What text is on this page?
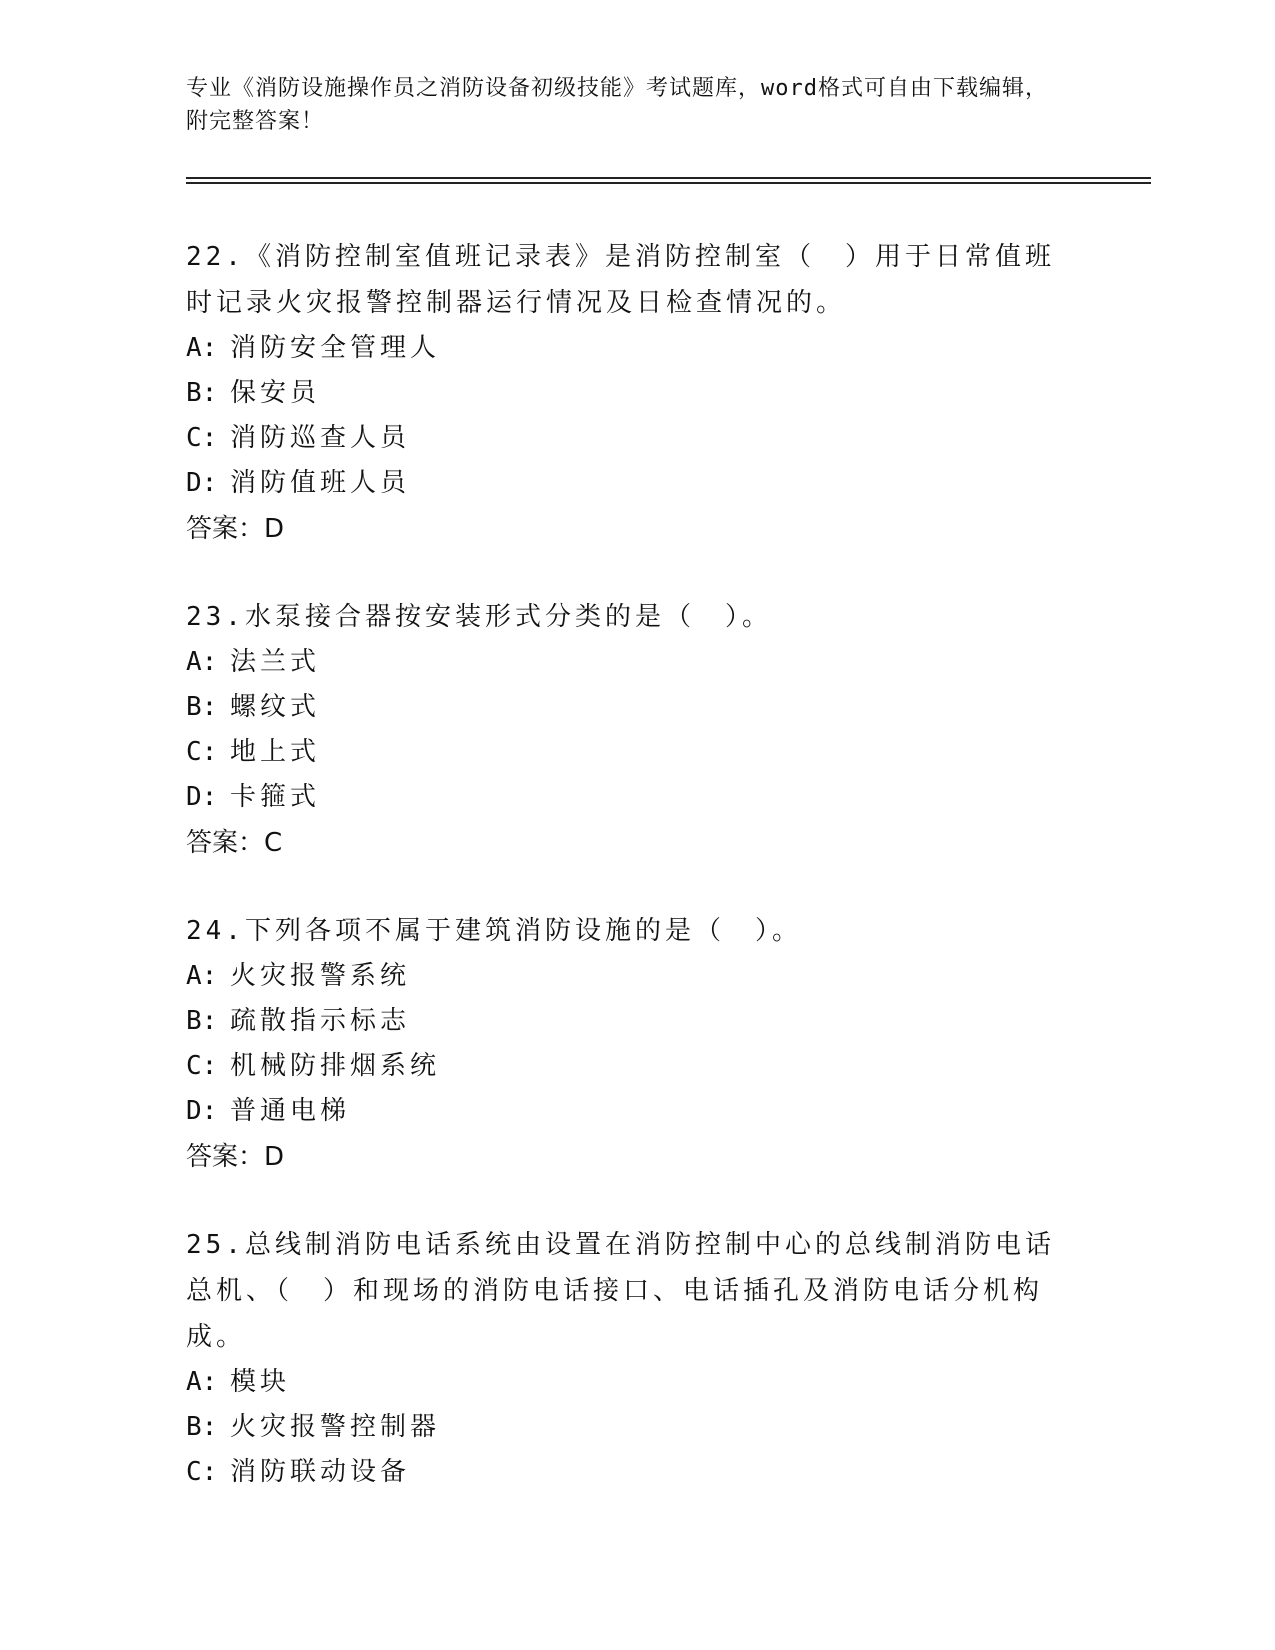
专业《消防设施操作员之消防设备初级技能》考试题库，word格式可自由下载编辑，附完整答案！

22.《消防控制室值班记录表》是消防控制室（　）用于日常值班时记录火灾报警控制器运行情况及日检查情况的。

A: 消防安全管理人

B: 保安员

C: 消防巡查人员

D: 消防值班人员

答案：D

23.水泵接合器按安装形式分类的是（　）。

A: 法兰式

B: 螺纹式

C: 地上式

D: 卡箍式

答案：C

24.下列各项不属于建筑消防设施的是（　）。

A: 火灾报警系统

B: 疏散指示标志

C: 机械防排烟系统

D: 普通电梯

答案：D

25.总线制消防电话系统由设置在消防控制中心的总线制消防电话总机、（　）和现场的消防电话接口、电话插孔及消防电话分机构成。

A: 模块

B: 火灾报警控制器

C: 消防联动设备
